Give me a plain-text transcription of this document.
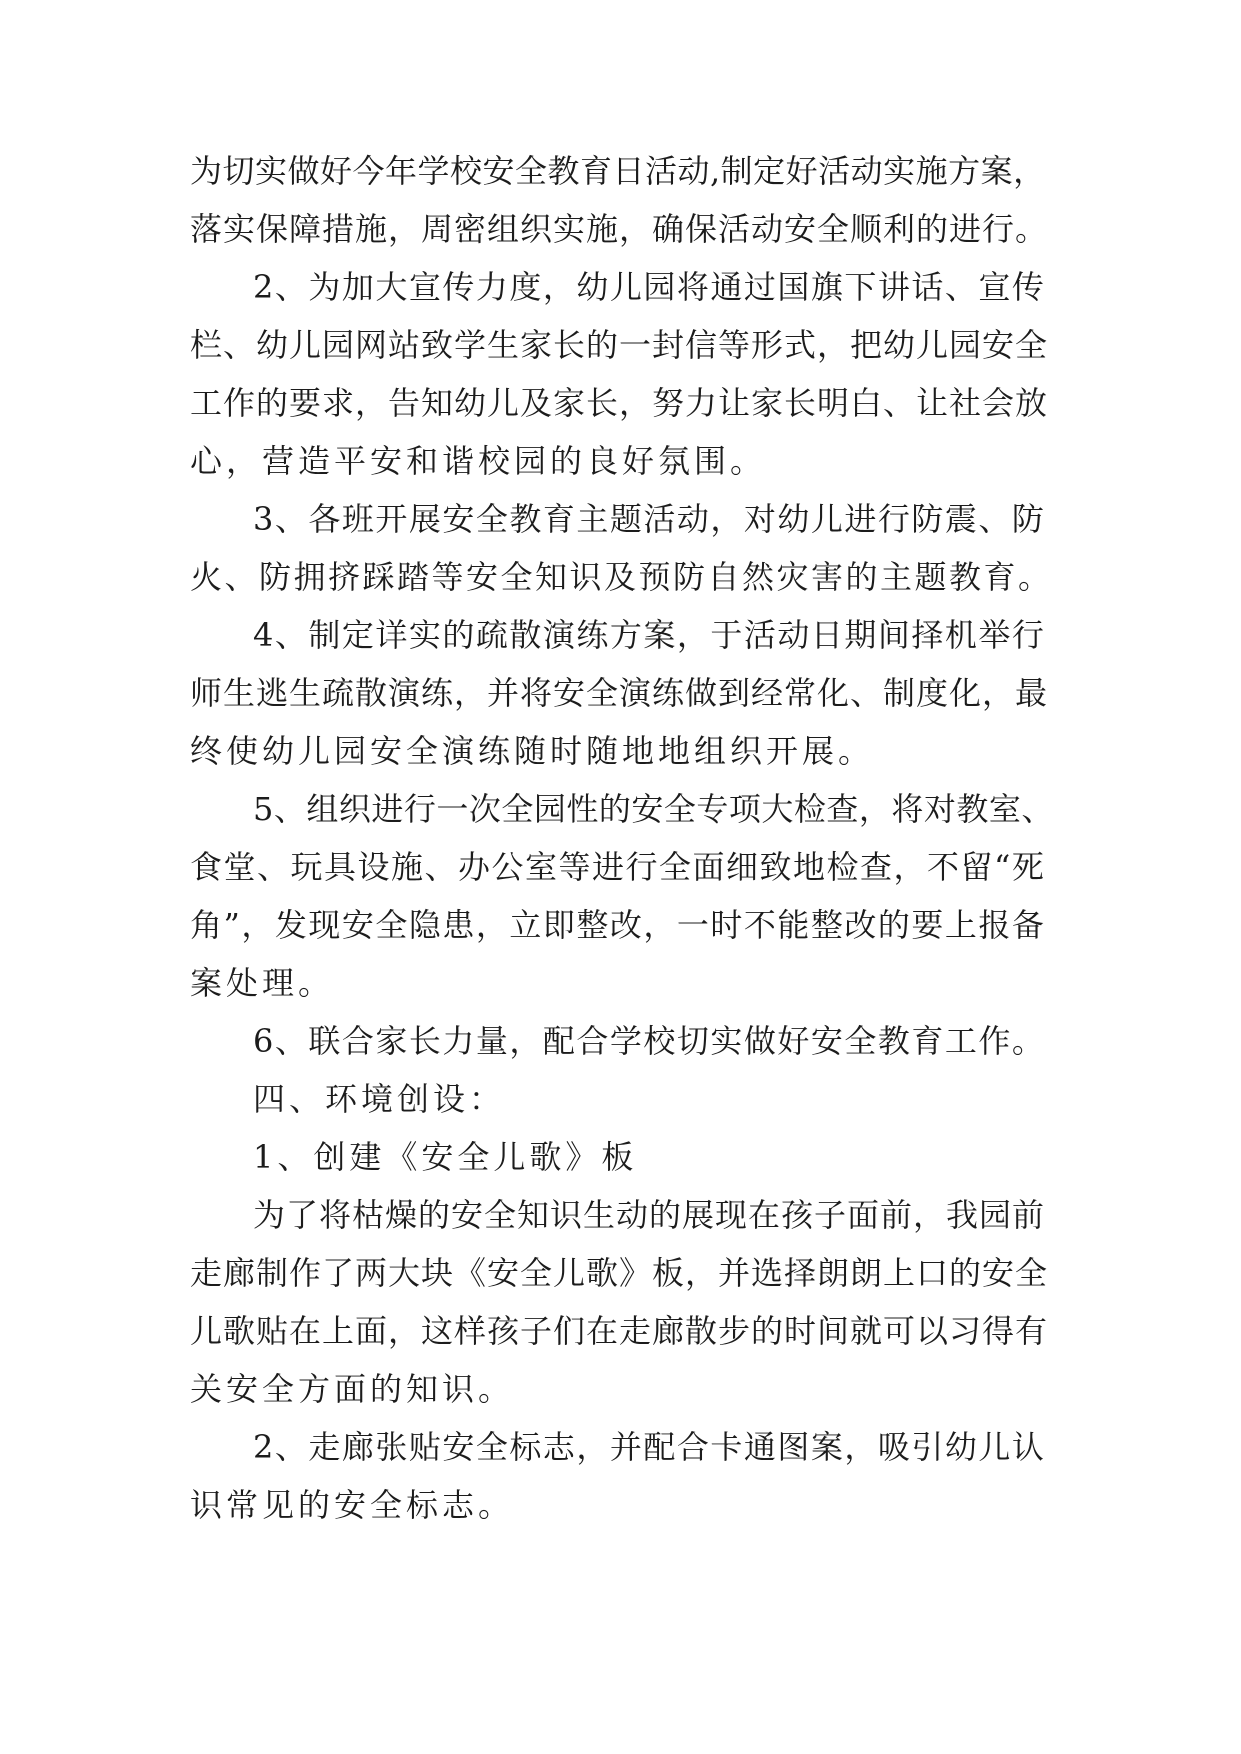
为切实做好今年学校安全教育日活动,制定好活动实施方案，
落实保障措施，周密组织实施，确保活动安全顺利的进行。
2、为加大宣传力度，幼儿园将通过国旗下讲话、宣传
栏、幼儿园网站致学生家长的一封信等形式，把幼儿园安全
工作的要求，告知幼儿及家长，努力让家长明白、让社会放
心，营造平安和谐校园的良好氛围。
3、各班开展安全教育主题活动，对幼儿进行防震、防
火、防拥挤踩踏等安全知识及预防自然灾害的主题教育。
4、制定详实的疏散演练方案，于活动日期间择机举行
师生逃生疏散演练，并将安全演练做到经常化、制度化，最
终使幼儿园安全演练随时随地地组织开展。
5、组织进行一次全园性的安全专项大检查，将对教室、
食堂、玩具设施、办公室等进行全面细致地检查，不留“死
角”，发现安全隐患，立即整改，一时不能整改的要上报备
案处理。
6、联合家长力量，配合学校切实做好安全教育工作。
四、环境创设：
1、创建《安全儿歌》板
为了将枯燥的安全知识生动的展现在孩子面前，我园前
走廊制作了两大块《安全儿歌》板，并选择朗朗上口的安全
儿歌贴在上面，这样孩子们在走廊散步的时间就可以习得有
关安全方面的知识。
2、走廊张贴安全标志，并配合卡通图案，吸引幼儿认
识常见的安全标志。
